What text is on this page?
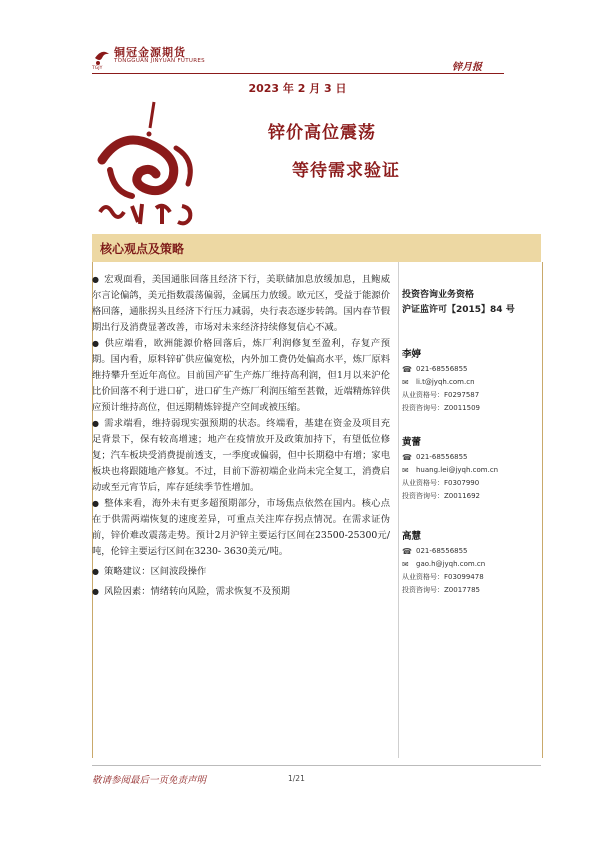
铜冠金源期货
TONGGUAN JINYUAN FUTURES
TGJY	锌月报
2023 年 2 月 3 日
锌价高位震荡
等待需求验证
核心观点及策略
● 宏观面看，美国通胀回落且经济下行，美联储加息放缓加息，且鲍威尔言论偏鸽，美元指数震荡偏弱，金属压力放缓。欧元区，受益于能源价格回落，通胀拐头且经济下行压力减弱，央行表态逐步转鸽。国内春节假期出行及消费显著改善，市场对未来经济持续修复信心不减。
● 供应端看，欧洲能源价格回落后，炼厂利润修复至盈利，存复产预期。国内看，原料锌矿供应偏宽松，内外加工费仍处偏高水平，炼厂原料维持攀升至近年高位。目前国产矿生产炼厂维持高利润，但1月以来沪伦比价回落不利于进口矿，进口矿生产炼厂利润压缩至甚微，近端精炼锌供应预计维持高位，但远期精炼锌提产空间或被压缩。
● 需求端看，维持弱现实强预期的状态。终端看，基建在资金及项目充足背景下，保有较高增速；地产在疫情放开及政策加持下，有望低位修复；汽车板块受消费提前透支，一季度或偏弱，但中长期稳中有增；家电板块也将跟随地产修复。不过，目前下游初端企业尚未完全复工，消费启动或至元宵节后，库存延续季节性增加。
● 整体来看，海外未有更多超预期部分，市场焦点依然在国内。核心点在于供需两端恢复的速度差异，可重点关注库存拐点情况。在需求证伪前，锌价难改震荡走势。预计2月沪锌主要运行区间在23500-25300元/吨，伦锌主要运行区间在3230- 3630美元/吨。
● 策略建议：区间波段操作
● 风险因素：情绪转向风险，需求恢复不及预期
投资咨询业务资格
沪证监许可【2015】84 号
李婷
☎ 021-68556855
✉	li.t@jyqh.com.cn
从业资格号：F0297587
投资咨询号：Z0011509
黄蕾
☎ 021-68556855
✉	huang.lei@jyqh.com.cn
从业资格号：F0307990
投资咨询号：Z0011692
高慧
☎ 021-68556855
✉	gao.h@jyqh.com.cn
从业资格号：F03099478
投资咨询号：Z0017785
敬请参阅最后一页免责声明	1/21
